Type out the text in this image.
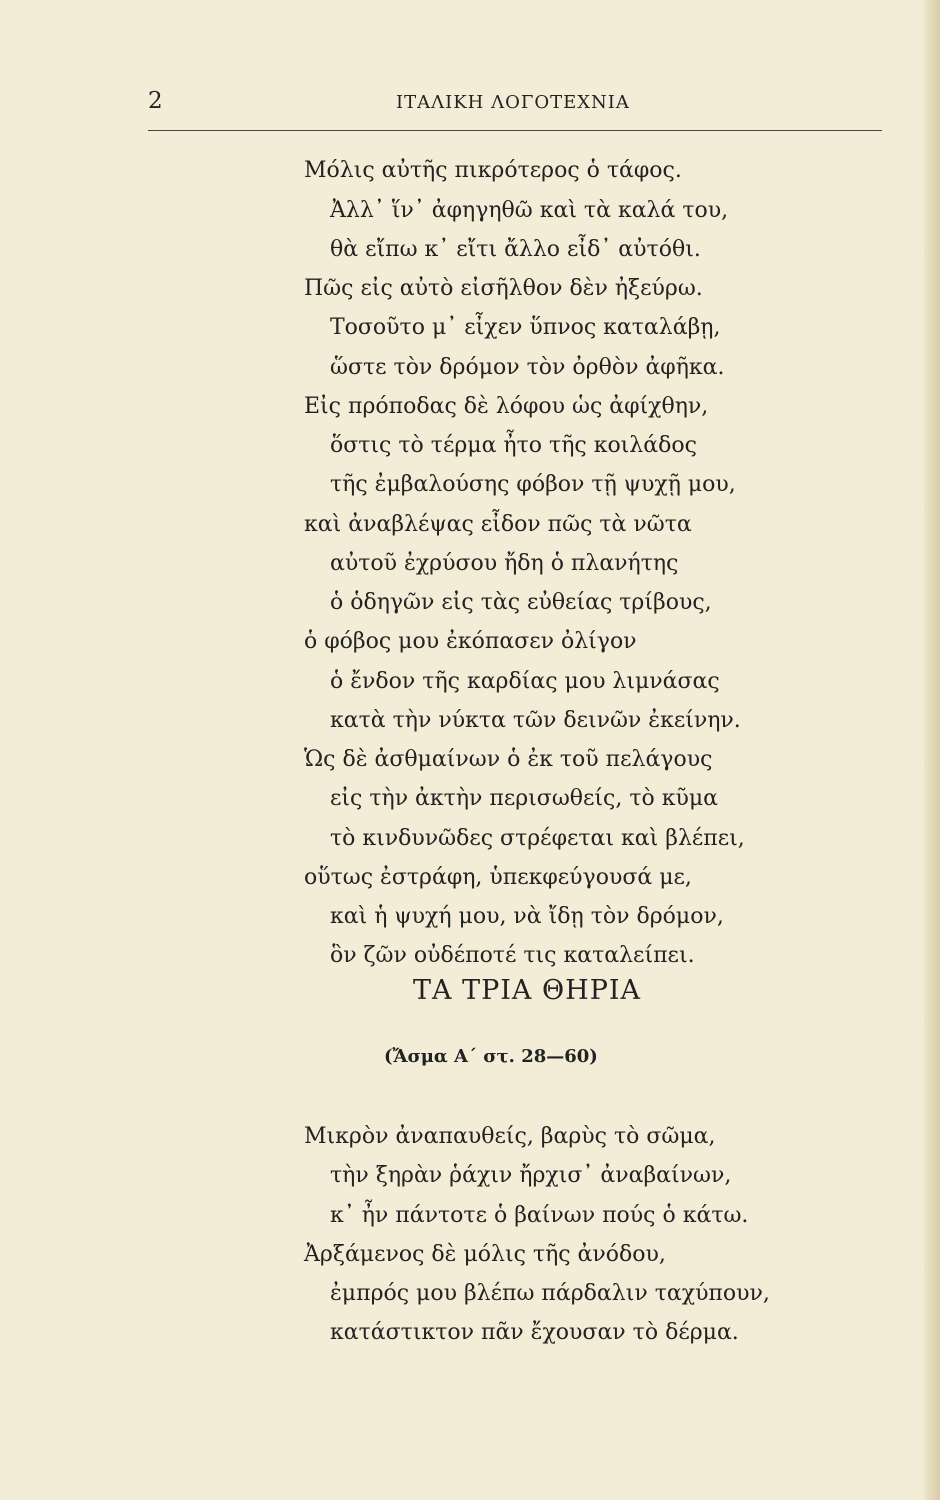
2	ΙΤΑΛΙΚΗ ΛΟΓΟΤΕΧΝΙΑ
Μόλις αὐτῆς πικρότερος ὁ τάφος.
Ἀλλ᾿ ἵν᾿ ἀφηγηθῶ καὶ τὰ καλά του,
θὰ εἴπω κ᾿ εἴτι ἄλλο εἶδ᾿ αὐτόθι.
Πῶς εἰς αὐτὸ εἰσῆλθον δὲν ἠξεύρω.
Τοσοῦτο μ᾿ εἶχεν ὕπνος καταλάβῃ,
ὥστε τὸν δρόμον τὸν ὀρθὸν ἀφῆκα.
Εἰς πρόποδας δὲ λόφου ὡς ἀφίχθην,
ὅστις τὸ τέρμα ἦτο τῆς κοιλάδος
τῆς ἐμβαλούσης φόβον τῇ ψυχῇ μου,
καὶ ἀναβλέψας εἶδον πῶς τὰ νῶτα
αὐτοῦ ἐχρύσου ἤδη ὁ πλανήτης
ὁ ὁδηγῶν εἰς τὰς εὐθείας τρίβους,
ὁ φόβος μου ἐκόπασεν ὀλίγον
ὁ ἔνδον τῆς καρδίας μου λιμνάσας
κατὰ τὴν νύκτα τῶν δεινῶν ἐκείνην.
Ὡς δὲ ἀσθμαίνων ὁ ἐκ τοῦ πελάγους
εἰς τὴν ἀκτὴν περισωθείς, τὸ κῦμα
τὸ κινδυνῶδες στρέφεται καὶ βλέπει,
οὕτως ἐστράφη, ὑπεκφεύγουσά με,
καὶ ἡ ψυχή μου, νὰ ἴδῃ τὸν δρόμον,
ὃν ζῶν οὐδέποτέ τις καταλείπει.
ΤΑ ΤΡΙΑ ΘΗΡΙΑ
(Ἄσμα Α΄ στ. 28—60)
Μικρὸν ἀναπαυθείς, βαρὺς τὸ σῶμα,
τὴν ξηρὰν ῥάχιν ἤρχισ᾿ ἀναβαίνων,
κ᾿ ἦν πάντοτε ὁ βαίνων πούς ὁ κάτω.
Ἀρξάμενος δὲ μόλις τῆς ἀνόδου,
ἐμπρός μου βλέπω πάρδαλιν ταχύπουν,
κατάστικτον πᾶν ἔχουσαν τὸ δέρμα.
